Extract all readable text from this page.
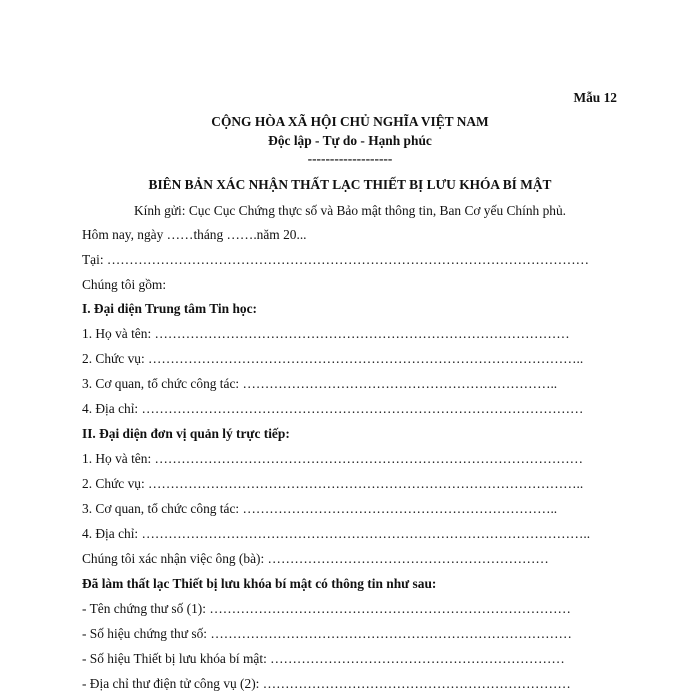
Mẫu 12
CỘNG HÒA XÃ HỘI CHỦ NGHĨA VIỆT NAM
Độc lập - Tự do - Hạnh phúc
-------------------
BIÊN BẢN XÁC NHẬN THẤT LẠC THIẾT BỊ LƯU KHÓA BÍ MẬT
Kính gửi: Cục Cục Chứng thực số và Bảo mật thông tin, Ban Cơ yếu Chính phủ.
Hôm nay, ngày ……tháng …….năm 20...
Tại: ………………………………………………………………………………………………
Chúng tôi gồm:
I. Đại diện Trung tâm Tin học:
1. Họ và tên: …………………………………………………………………………………
2. Chức vụ: ……………………………………………………………………………………..
3. Cơ quan, tổ chức công tác: ……………………………………………………………..
4. Địa chỉ: ………………………………………………………………………………………
II. Đại diện đơn vị quản lý trực tiếp:
1. Họ và tên: ……………………………………………………………………………………
2. Chức vụ: ……………………………………………………………………………………..
3. Cơ quan, tổ chức công tác: ……………………………………………………………..
4. Địa chỉ: ………………………………………………………………………………………..
Chúng tôi xác nhận việc ông (bà): ………………………………………………………
Đã làm thất lạc Thiết bị lưu khóa bí mật có thông tin như sau:
- Tên chứng thư số (1): ………………………………………………………………………
- Số hiệu chứng thư số: ………………………………………………………………………
- Số hiệu Thiết bị lưu khóa bí mật: …………………………………………………………
- Địa chỉ thư điện tử công vụ (2): ……………………………………………………………
